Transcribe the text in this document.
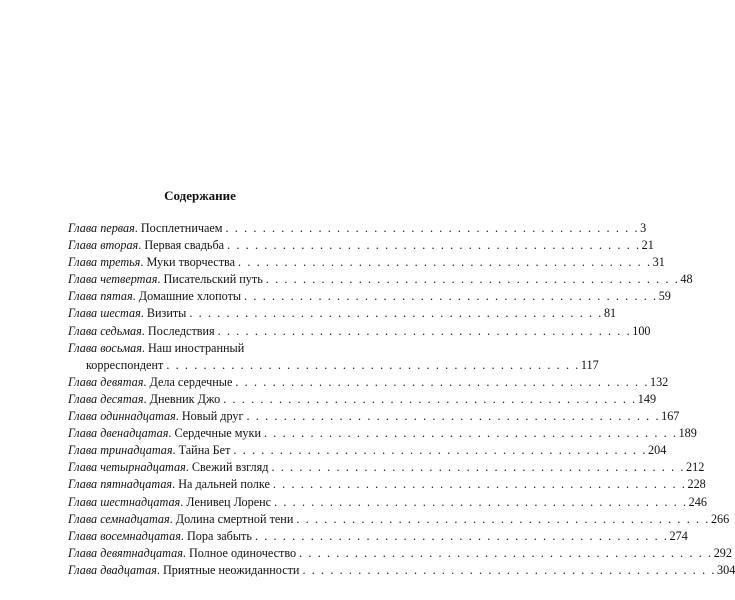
Содержание
Глава первая . Посплетничаем . . . . . . . . . . . . . . . . . . . . . . . . . . . . . . . . . . . . . . . . . . . . . 3
Глава вторая . Первая свадьба . . . . . . . . . . . . . . . . . . . . . . . . . . . . . . . . . . . . . . . . . . . . . 21
Глава третья . Муки творчества . . . . . . . . . . . . . . . . . . . . . . . . . . . . . . . . . . . . . . . . . . . . . 31
Глава четвертая . Писательский путь . . . . . . . . . . . . . . . . . . . . . . . . . . . . . . . . . . . . . . . . . . . . . 48
Глава пятая . Домашние хлопоты . . . . . . . . . . . . . . . . . . . . . . . . . . . . . . . . . . . . . . . . . . . . . 59
Глава шестая . Визиты . . . . . . . . . . . . . . . . . . . . . . . . . . . . . . . . . . . . . . . . . . . . . 81
Глава седьмая . Последствия . . . . . . . . . . . . . . . . . . . . . . . . . . . . . . . . . . . . . . . . . . . . . 100
Глава восьмая . Наш иностранный
корреспондент . . . . . . . . . . . . . . . . . . . . . . . . . . . . . . . . . . . . . . . . . . . . . 117
Глава девятая . Дела сердечные . . . . . . . . . . . . . . . . . . . . . . . . . . . . . . . . . . . . . . . . . . . . . 132
Глава десятая . Дневник Джо . . . . . . . . . . . . . . . . . . . . . . . . . . . . . . . . . . . . . . . . . . . . . 149
Глава одиннадцатая . Новый друг . . . . . . . . . . . . . . . . . . . . . . . . . . . . . . . . . . . . . . . . . . . . . 167
Глава двенадцатая . Сердечные муки . . . . . . . . . . . . . . . . . . . . . . . . . . . . . . . . . . . . . . . . . . . . . 189
Глава тринадцатая . Тайна Бет . . . . . . . . . . . . . . . . . . . . . . . . . . . . . . . . . . . . . . . . . . . . . 204
Глава четырнадцатая . Свежий взгляд . . . . . . . . . . . . . . . . . . . . . . . . . . . . . . . . . . . . . . . . . . . . . 212
Глава пятнадцатая . На дальней полке . . . . . . . . . . . . . . . . . . . . . . . . . . . . . . . . . . . . . . . . . . . . . 228
Глава шестнадцатая . Ленивец Лоренс . . . . . . . . . . . . . . . . . . . . . . . . . . . . . . . . . . . . . . . . . . . . . 246
Глава семнадцатая . Долина смертной тени . . . . . . . . . . . . . . . . . . . . . . . . . . . . . . . . . . . . . . . . . . . . . 266
Глава восемнадцатая . Пора забыть . . . . . . . . . . . . . . . . . . . . . . . . . . . . . . . . . . . . . . . . . . . . . 274
Глава девятнадцатая . Полное одиночество . . . . . . . . . . . . . . . . . . . . . . . . . . . . . . . . . . . . . . . . . . . . . 292
Глава двадцатая . Приятные неожиданности . . . . . . . . . . . . . . . . . . . . . . . . . . . . . . . . . . . . . . . . . . . . . 304
